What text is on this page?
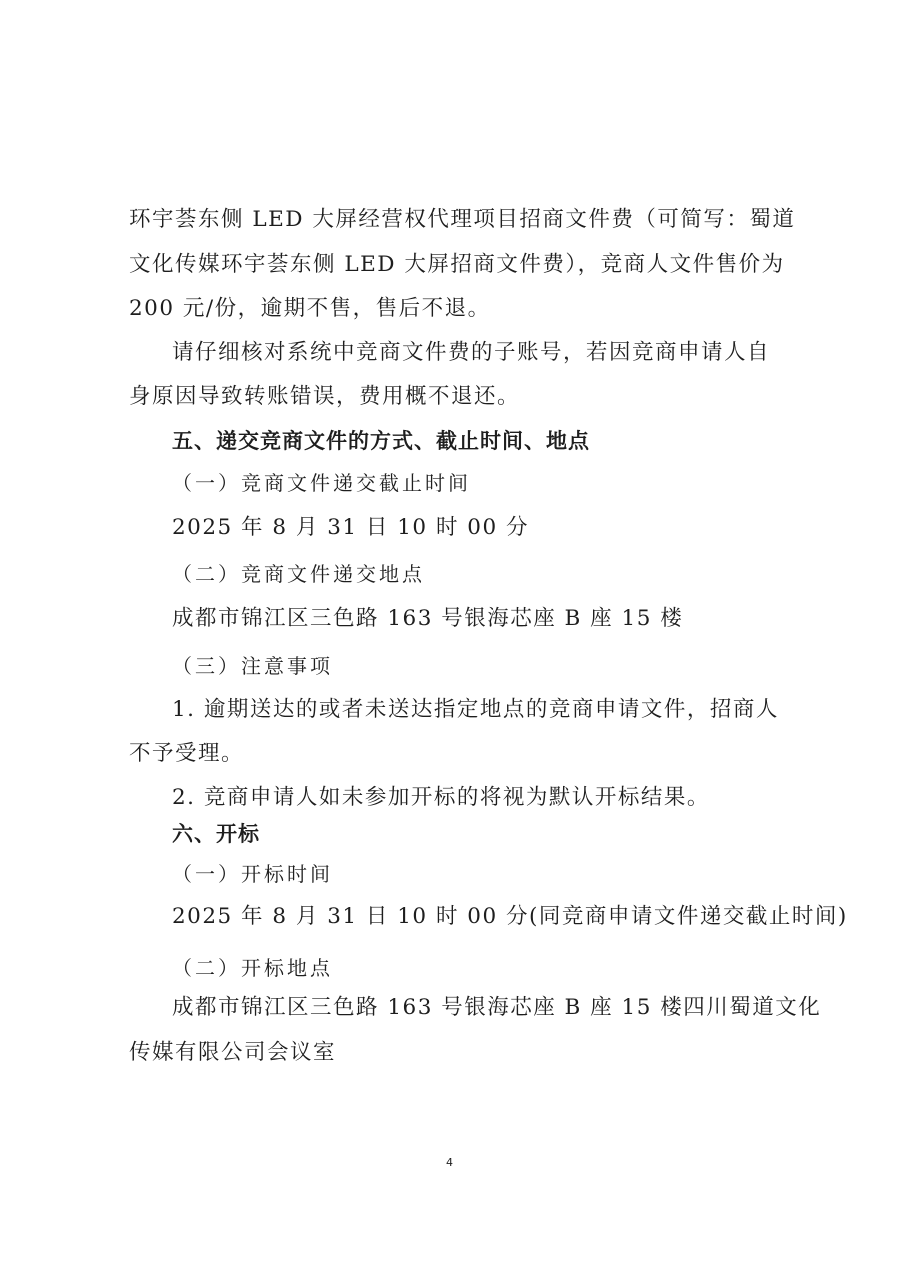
环宇荟东侧 LED 大屏经营权代理项目招商文件费（可简写：蜀道
文化传媒环宇荟东侧 LED 大屏招商文件费），竞商人文件售价为
200 元/份，逾期不售，售后不退。
请仔细核对系统中竞商文件费的子账号，若因竞商申请人自
身原因导致转账错误，费用概不退还。
五、递交竞商文件的方式、截止时间、地点
（一）竞商文件递交截止时间
2025 年 8 月 31 日 10 时 00 分
（二）竞商文件递交地点
成都市锦江区三色路 163 号银海芯座 B 座 15 楼
（三）注意事项
1. 逾期送达的或者未送达指定地点的竞商申请文件，招商人
不予受理。
2. 竞商申请人如未参加开标的将视为默认开标结果。
六、开标
（一）开标时间
2025 年 8 月 31 日 10 时 00 分(同竞商申请文件递交截止时间)
（二）开标地点
成都市锦江区三色路 163 号银海芯座 B 座 15 楼四川蜀道文化
传媒有限公司会议室
4
